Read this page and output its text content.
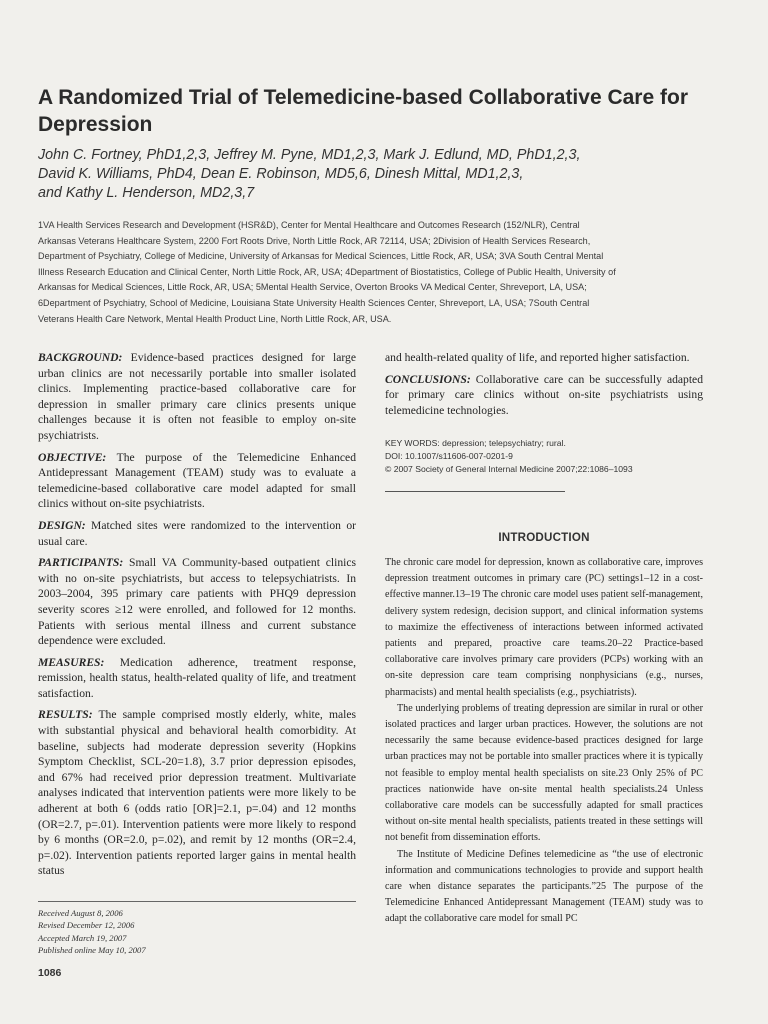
A Randomized Trial of Telemedicine-based Collaborative Care for Depression
John C. Fortney, PhD1,2,3, Jeffrey M. Pyne, MD1,2,3, Mark J. Edlund, MD, PhD1,2,3,
David K. Williams, PhD4, Dean E. Robinson, MD5,6, Dinesh Mittal, MD1,2,3,
and Kathy L. Henderson, MD2,3,7
1VA Health Services Research and Development (HSR&D), Center for Mental Healthcare and Outcomes Research (152/NLR), Central
Arkansas Veterans Healthcare System, 2200 Fort Roots Drive, North Little Rock, AR 72114, USA; 2Division of Health Services Research,
Department of Psychiatry, College of Medicine, University of Arkansas for Medical Sciences, Little Rock, AR, USA; 3VA South Central Mental
Illness Research Education and Clinical Center, North Little Rock, AR, USA; 4Department of Biostatistics, College of Public Health, University of
Arkansas for Medical Sciences, Little Rock, AR, USA; 5Mental Health Service, Overton Brooks VA Medical Center, Shreveport, LA, USA;
6Department of Psychiatry, School of Medicine, Louisiana State University Health Sciences Center, Shreveport, LA, USA; 7South Central
Veterans Health Care Network, Mental Health Product Line, North Little Rock, AR, USA.

BACKGROUND: Evidence-based practices designed for large urban clinics are not necessarily portable into smaller isolated clinics. Implementing practice-based collaborative care for depression in smaller primary care clinics presents unique challenges because it is often not feasible to employ on-site psychiatrists.

OBJECTIVE: The purpose of the Telemedicine Enhanced Antidepressant Management (TEAM) study was to evaluate a telemedicine-based collaborative care model adapted for small clinics without on-site psychiatrists.

DESIGN: Matched sites were randomized to the intervention or usual care.

PARTICIPANTS: Small VA Community-based outpatient clinics with no on-site psychiatrists, but access to telepsychiatrists. In 2003–2004, 395 primary care patients with PHQ9 depression severity scores ≥12 were enrolled, and followed for 12 months. Patients with serious mental illness and current substance dependence were excluded.

MEASURES: Medication adherence, treatment response, remission, health status, health-related quality of life, and treatment satisfaction.

RESULTS: The sample comprised mostly elderly, white, males with substantial physical and behavioral health comorbidity. At baseline, subjects had moderate depression severity (Hopkins Symptom Checklist, SCL-20=1.8), 3.7 prior depression episodes, and 67% had received prior depression treatment. Multivariate analyses indicated that intervention patients were more likely to be adherent at both 6 (odds ratio [OR]=2.1, p=.04) and 12 months (OR=2.7, p=.01). Intervention patients were more likely to respond by 6 months (OR=2.0, p=.02), and remit by 12 months (OR=2.4, p=.02). Intervention patients reported larger gains in mental health status

and health-related quality of life, and reported higher satisfaction.

CONCLUSIONS: Collaborative care can be successfully adapted for primary care clinics without on-site psychiatrists using telemedicine technologies.

KEY WORDS: depression; telepsychiatry; rural.
DOI: 10.1007/s11606-007-0201-9
© 2007 Society of General Internal Medicine 2007;22:1086–1093
INTRODUCTION

The chronic care model for depression, known as collaborative care, improves depression treatment outcomes in primary care (PC) settings1–12 in a cost-effective manner.13–19 The chronic care model uses patient self-management, delivery system redesign, decision support, and clinical information systems to maximize the effectiveness of interactions between informed activated patients and prepared, proactive care teams.20–22 Practice-based collaborative care involves primary care providers (PCPs) working with an on-site depression care team comprising nonphysicians (e.g., nurses, pharmacists) and mental health specialists (e.g., psychiatrists).

The underlying problems of treating depression are similar in rural or other isolated practices and larger urban practices. However, the solutions are not necessarily the same because evidence-based practices designed for large urban practices may not be portable into smaller practices where it is typically not feasible to employ mental health specialists on site.23 Only 25% of PC practices nationwide have on-site mental health specialists.24 Unless collaborative care models can be successfully adapted for small practices without on-site mental health specialists, patients treated in these settings will not benefit from dissemination efforts.

The Institute of Medicine Defines telemedicine as “the use of electronic information and communications technologies to provide and support health care when distance separates the participants.”25 The purpose of the Telemedicine Enhanced Antidepressant Management (TEAM) study was to adapt the collaborative care model for small PC

Received August 8, 2006
Revised December 12, 2006
Accepted March 19, 2007
Published online May 10, 2007
1086
